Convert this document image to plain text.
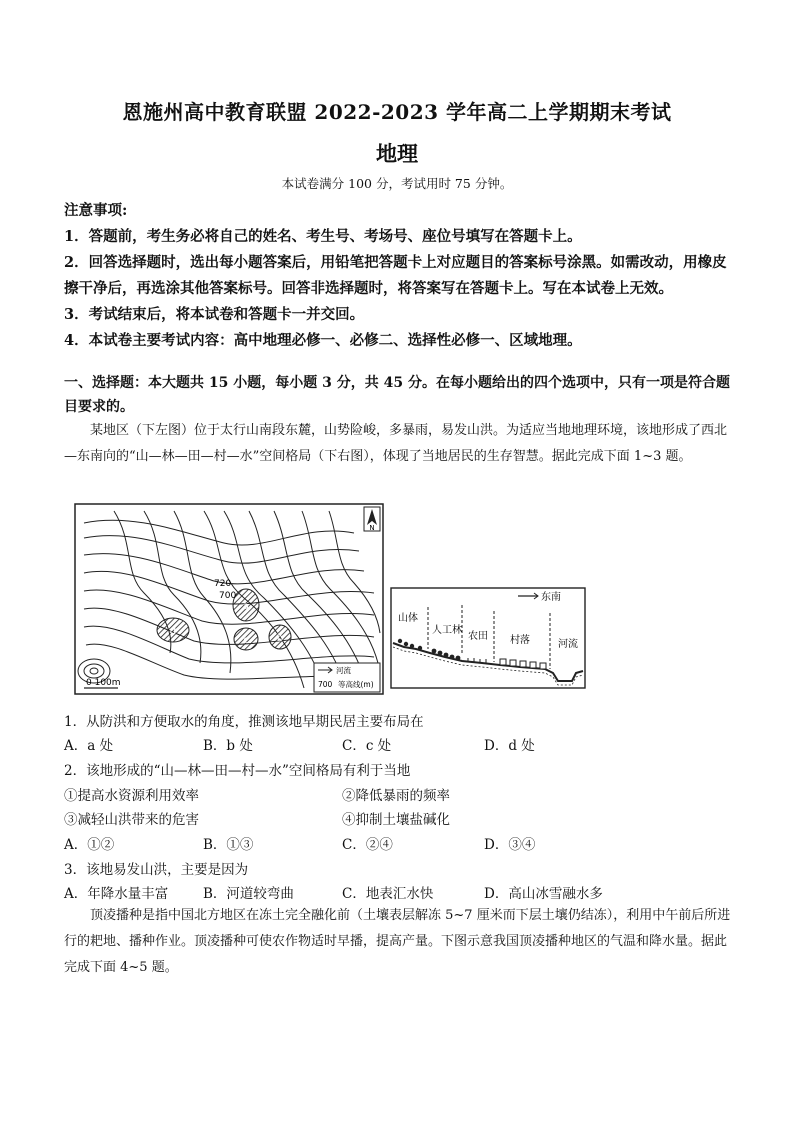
恩施州高中教育联盟 2022-2023 学年高二上学期期末考试
地理
本试卷满分 100 分，考试用时 75 分钟。

注意事项:

1．答题前，考生务必将自己的姓名、考生号、考场号、座位号填写在答题卡上。

2．回答选择题时，选出每小题答案后，用铅笔把答题卡上对应题目的答案标号涂黑。如需改动，用橡皮擦干净后，再选涂其他答案标号。回答非选择题时，将答案写在答题卡上。写在本试卷上无效。

3．考试结束后，将本试卷和答题卡一并交回。

4．本试卷主要考试内容：高中地理必修一、必修二、选择性必修一、区域地理。

一、选择题：本大题共 15 小题，每小题 3 分，共 45 分。在每小题给出的四个选项中，只有一项是符合题目要求的。
某地区（下左图）位于太行山南段东麓，山势险峻，多暴雨，易发山洪。为适应当地地理环境，该地形成了西北—东南向的“山—林—田—村—水”空间格局（下右图），体现了当地居民的生存智慧。据此完成下面 1~3 题。
a
b
c
d
720
700
N
0 100m
河流
700 等高线(m)
东南
山体
人工林
农田 村落	河流
1．从防洪和方便取水的角度，推测该地早期民居主要布局在
A．a 处	B．b 处	C．c 处	D．d 处
2．该地形成的“山—林—田—村—水”空间格局有利于当地
①提高水资源利用效率	②降低暴雨的频率
③减轻山洪带来的危害	④抑制土壤盐碱化
A．①②	B．①③	C．②④	D．③④
3．该地易发山洪，主要是因为
A．年降水量丰富	B．河道较弯曲	C．地表汇水快	D．高山冰雪融水多
顶凌播种是指中国北方地区在冻土完全融化前（土壤表层解冻 5~7 厘米而下层土壤仍结冻），利用中午前后所进行的耙地、播种作业。顶凌播种可使农作物适时早播，提高产量。下图示意我国顶凌播种地区的气温和降水量。据此完成下面 4~5 题。
